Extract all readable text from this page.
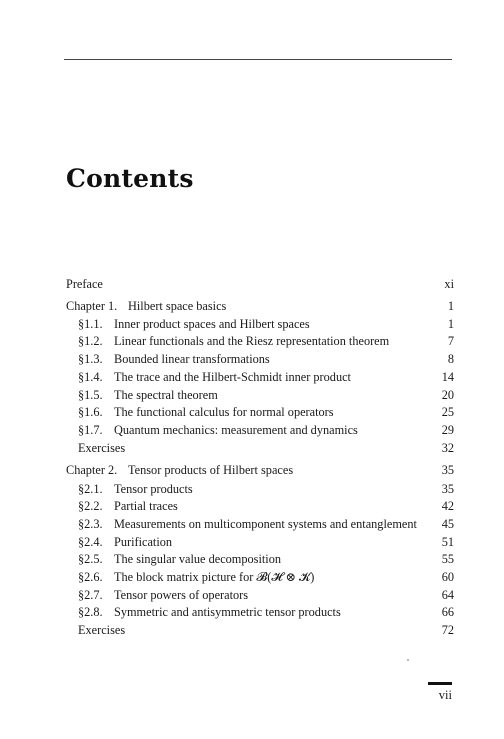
Contents
Preface	xi
Chapter 1. Hilbert space basics	1
§1.1. Inner product spaces and Hilbert spaces	1
§1.2. Linear functionals and the Riesz representation theorem	7
§1.3. Bounded linear transformations	8
§1.4. The trace and the Hilbert-Schmidt inner product	14
§1.5. The spectral theorem	20
§1.6. The functional calculus for normal operators	25
§1.7. Quantum mechanics: measurement and dynamics	29
Exercises	32
Chapter 2. Tensor products of Hilbert spaces	35
§2.1. Tensor products	35
§2.2. Partial traces	42
§2.3. Measurements on multicomponent systems and entanglement 45
§2.4. Purification	51
§2.5. The singular value decomposition	55
§2.6. The block matrix picture for 𝓑(𝓗 ⊗ 𝓚)	60
§2.7. Tensor powers of operators	64
§2.8. Symmetric and antisymmetric tensor products	66
Exercises	72
vii
